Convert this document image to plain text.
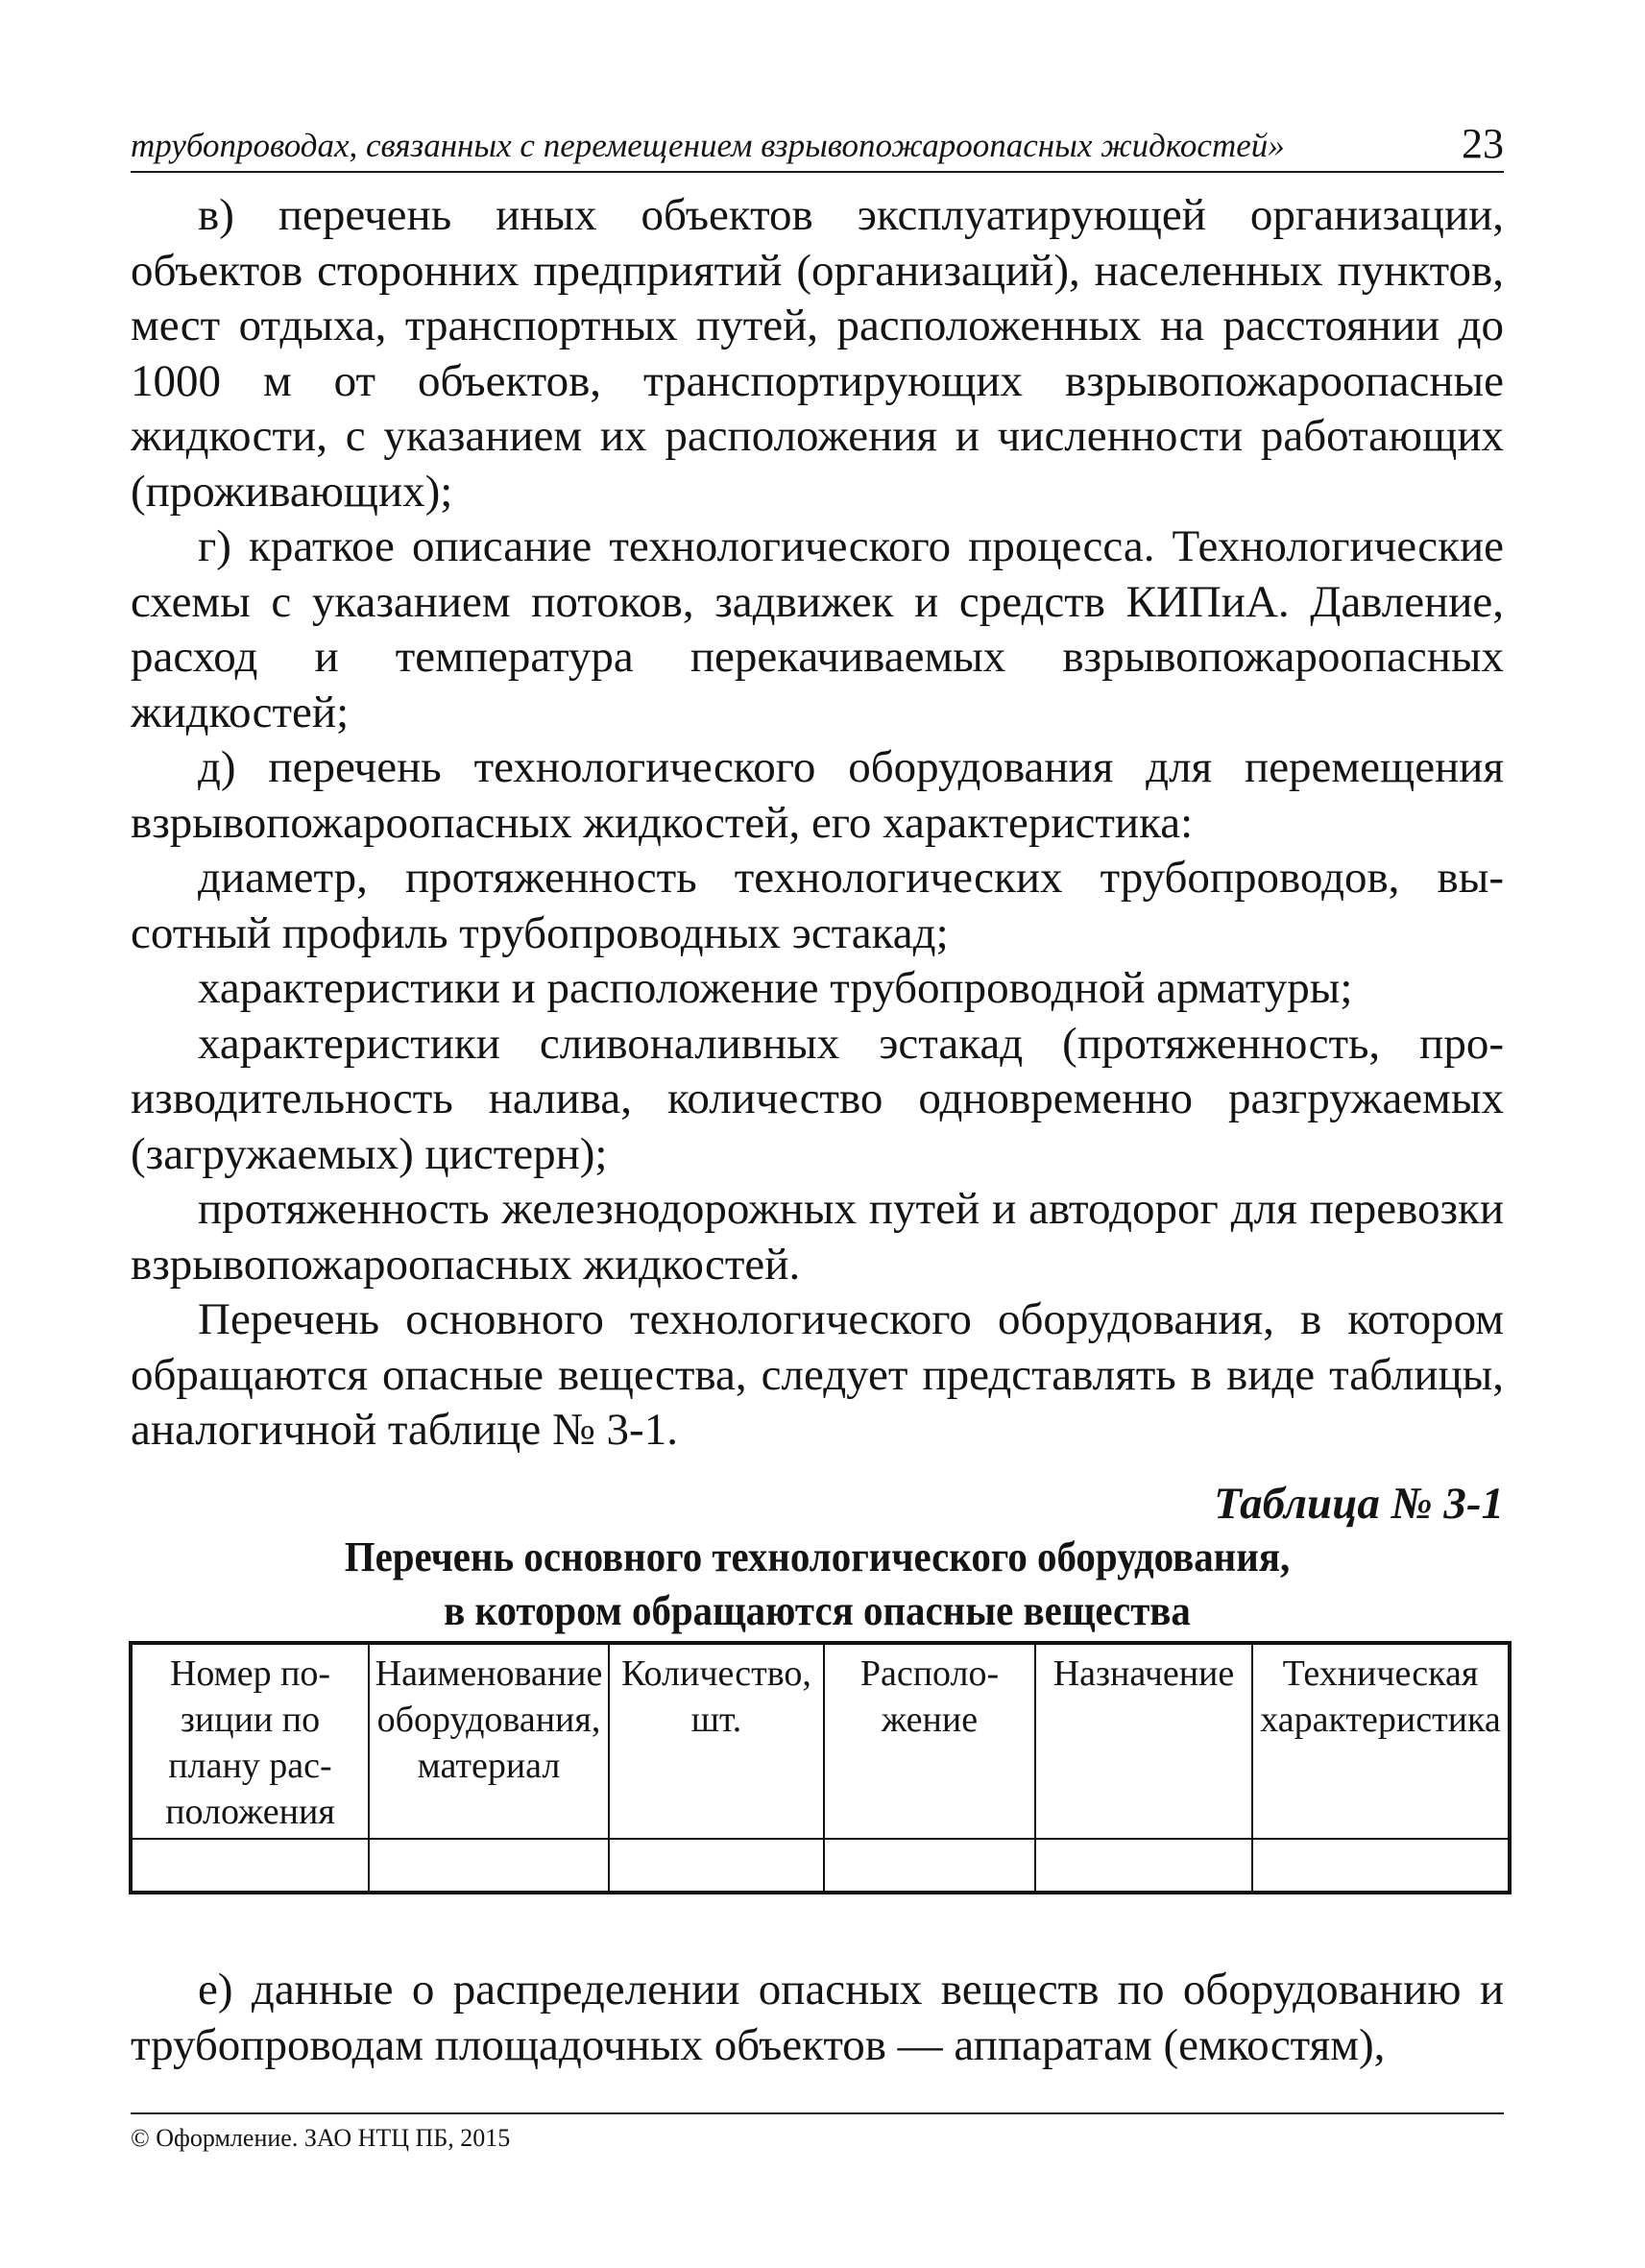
трубопроводах, связанных с перемещением взрывопожароопасных жидкостей»	23

в) перечень иных объектов эксплуатирующей организации, объектов сторонних предприятий (организаций), населенных пунктов, мест отдыха, транспортных путей, расположенных на расстоянии до 1000 м от объектов, транспортирующих взрывопожароопасные жидкости, с указанием их расположения и численности работающих (проживающих);

г) краткое описание технологического процесса. Технологические схемы с указанием потоков, задвижек и средств КИПиА. Давление, расход и температура перекачиваемых взрывопожароопасных жидкостей;

д) перечень технологического оборудования для перемещения взрывопожароопасных жидкостей, его характеристика:

диаметр, протяженность технологических трубопроводов, высотный профиль трубопроводных эстакад;

характеристики и расположение трубопроводной арматуры;

характеристики сливоналивных эстакад (протяженность, производительность налива, количество одновременно разгружаемых (загружаемых) цистерн);

протяженность железнодорожных путей и автодорог для перевозки взрывопожароопасных жидкостей.

Перечень основного технологического оборудования, в котором обращаются опасные вещества, следует представлять в виде таблицы, аналогичной таблице № 3-1.

Таблица № 3-1
Перечень основного технологического оборудования,
в котором обращаются опасные вещества
Номер позиции по плану расположения	Наименование оборудования, материал	Количество, шт.	Расположение	Назначение	Техническая характеристика

е) данные о распределении опасных веществ по оборудованию и трубопроводам площадочных объектов — аппаратам (емкостям),

© Оформление. ЗАО НТЦ ПБ, 2015
